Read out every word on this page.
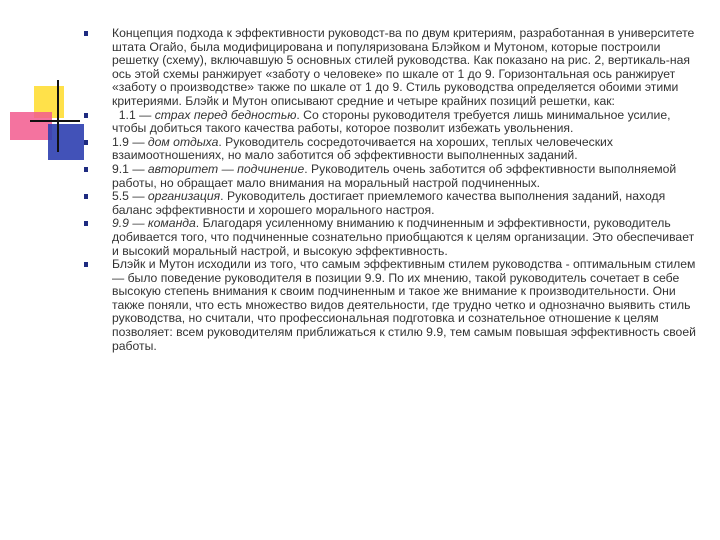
Концепция подхода к эффективности руководст-ва по двум критериям, разработанная в университете штата Огайо, была модифицирована и популяризована Блэйком и Мутоном, которые построили решетку (схему), включавшую 5 основных стилей руководства. Как показано на рис. 2, вертикаль-ная ось этой схемы ранжирует «заботу о человеке» по шкале от 1 до 9. Горизонтальная ось ранжирует «заботу о производстве» также по шкале от 1 до 9. Стиль руководства определяется обоими этими критериями. Блэйк и Мутон описывают средние и четыре крайних позиций решетки, как:

1.1 — страх перед бедностью. Со стороны руководителя требуется лишь минимальное усилие, чтобы добиться такого качества работы, которое позволит избежать увольнения.

1.9 — дом отдыха. Руководитель сосредоточивается на хороших, теплых человеческих взаимоотношениях, но мало заботится об эффективности выполненных заданий.

9.1 — авторитет — подчинение. Руководитель очень заботится об эффективности выполняемой работы, но обращает мало внимания на моральный настрой подчиненных.

5.5 — организация. Руководитель достигает приемлемого качества выполнения заданий, находя баланс эффективности и хорошего морального настроя.

9.9 — команда. Благодаря усиленному вниманию к подчиненным и эффективности, руководитель добивается того, что подчиненные сознательно приобщаются к целям организации. Это обеспечивает и высокий моральный настрой, и высокую эффективность.

Блэйк и Мутон исходили из того, что самым эффективным стилем руководства - оптимальным стилем — было поведение руководителя в позиции 9.9. По их мнению, такой руководитель сочетает в себе высокую степень внимания к своим подчиненным и такое же внимание к производительности. Они также поняли, что есть множество видов деятельности, где трудно четко и однозначно выявить стиль руководства, но считали, что профессиональная подготовка и сознательное отношение к целям позволяет: всем руководителям приближаться к стилю 9.9, тем самым повышая эффективность своей работы.
